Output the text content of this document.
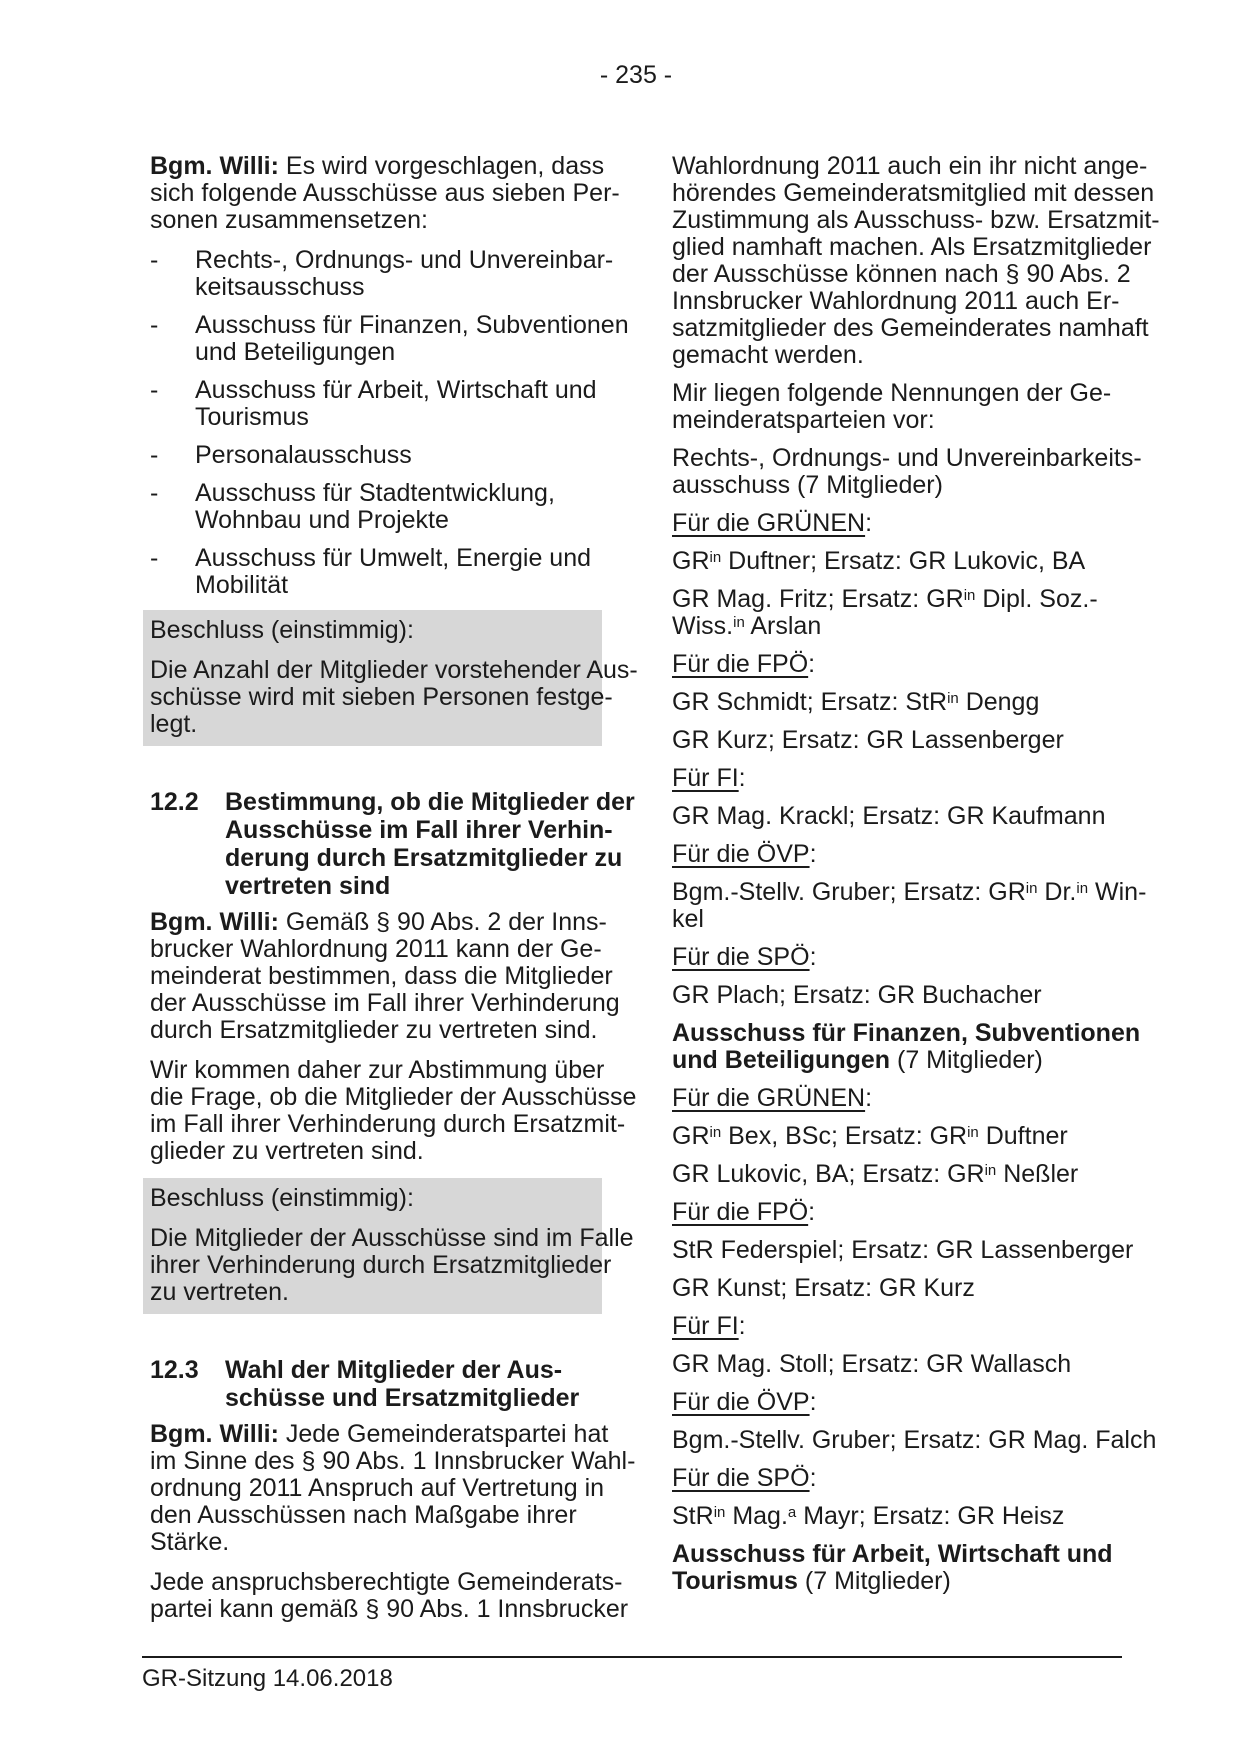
- 235 -

Bgm. Willi: Es wird vorgeschlagen, dass
sich folgende Ausschüsse aus sieben Per-
sonen zusammensetzen:

-	Rechts-, Ordnungs- und Unvereinbar-
keitsausschuss
-	Ausschuss für Finanzen, Subventionen
und Beteiligungen
-	Ausschuss für Arbeit, Wirtschaft und
Tourismus
-	Personalausschuss
-	Ausschuss für Stadtentwicklung,
Wohnbau und Projekte
-	Ausschuss für Umwelt, Energie und
Mobilität

Beschluss (einstimmig):

Die Anzahl der Mitglieder vorstehender Aus-
schüsse wird mit sieben Personen festge-
legt.

12.2	Bestimmung, ob die Mitglieder der
Ausschüsse im Fall ihrer Verhin-
derung durch Ersatzmitglieder zu
vertreten sind

Bgm. Willi: Gemäß § 90 Abs. 2 der Inns-
brucker Wahlordnung 2011 kann der Ge-
meinderat bestimmen, dass die Mitglieder
der Ausschüsse im Fall ihrer Verhinderung
durch Ersatzmitglieder zu vertreten sind.

Wir kommen daher zur Abstimmung über
die Frage, ob die Mitglieder der Ausschüsse
im Fall ihrer Verhinderung durch Ersatzmit-
glieder zu vertreten sind.

Beschluss (einstimmig):

Die Mitglieder der Ausschüsse sind im Falle
ihrer Verhinderung durch Ersatzmitglieder
zu vertreten.

12.3	Wahl der Mitglieder der Aus-
schüsse und Ersatzmitglieder

Bgm. Willi: Jede Gemeinderatspartei hat
im Sinne des § 90 Abs. 1 Innsbrucker Wahl-
ordnung 2011 Anspruch auf Vertretung in
den Ausschüssen nach Maßgabe ihrer
Stärke.

Jede anspruchsberechtigte Gemeinderats-
partei kann gemäß § 90 Abs. 1 Innsbrucker

Wahlordnung 2011 auch ein ihr nicht ange-
hörendes Gemeinderatsmitglied mit dessen
Zustimmung als Ausschuss- bzw. Ersatzmit-
glied namhaft machen. Als Ersatzmitglieder
der Ausschüsse können nach § 90 Abs. 2
Innsbrucker Wahlordnung 2011 auch Er-
satzmitglieder des Gemeinderates namhaft
gemacht werden.

Mir liegen folgende Nennungen der Ge-
meinderatsparteien vor:

Rechts-, Ordnungs- und Unvereinbarkeits-
ausschuss (7 Mitglieder)

Für die GRÜNEN:

$GR^{in}$ Duftner; Ersatz: GR Lukovic, BA

GR Mag. Fritz; Ersatz: $GR^{in}$ Dipl. Soz.-
Wiss.$^{in}$ Arslan

Für die FPÖ:

GR Schmidt; Ersatz: StR$^{in}$ Dengg

GR Kurz; Ersatz: GR Lassenberger

Für FI:

GR Mag. Krackl; Ersatz: GR Kaufmann

Für die ÖVP:

Bgm.-Stellv. Gruber; Ersatz: $GR^{in}$ Dr.$^{in}$ Win-
kel

Für die SPÖ:

GR Plach; Ersatz: GR Buchacher

Ausschuss für Finanzen, Subventionen
und Beteiligungen (7 Mitglieder)

Für die GRÜNEN:

$GR^{in}$ Bex, BSc; Ersatz: $GR^{in}$ Duftner

GR Lukovic, BA; Ersatz: $GR^{in}$ Neßler

Für die FPÖ:

StR Federspiel; Ersatz: GR Lassenberger

GR Kunst; Ersatz: GR Kurz

Für FI:

GR Mag. Stoll; Ersatz: GR Wallasch

Für die ÖVP:

Bgm.-Stellv. Gruber; Ersatz: GR Mag. Falch

Für die SPÖ:

StR$^{in}$ Mag.$^a$ Mayr; Ersatz: GR Heisz

Ausschuss für Arbeit, Wirtschaft und
Tourismus (7 Mitglieder)

GR-Sitzung 14.06.2018
